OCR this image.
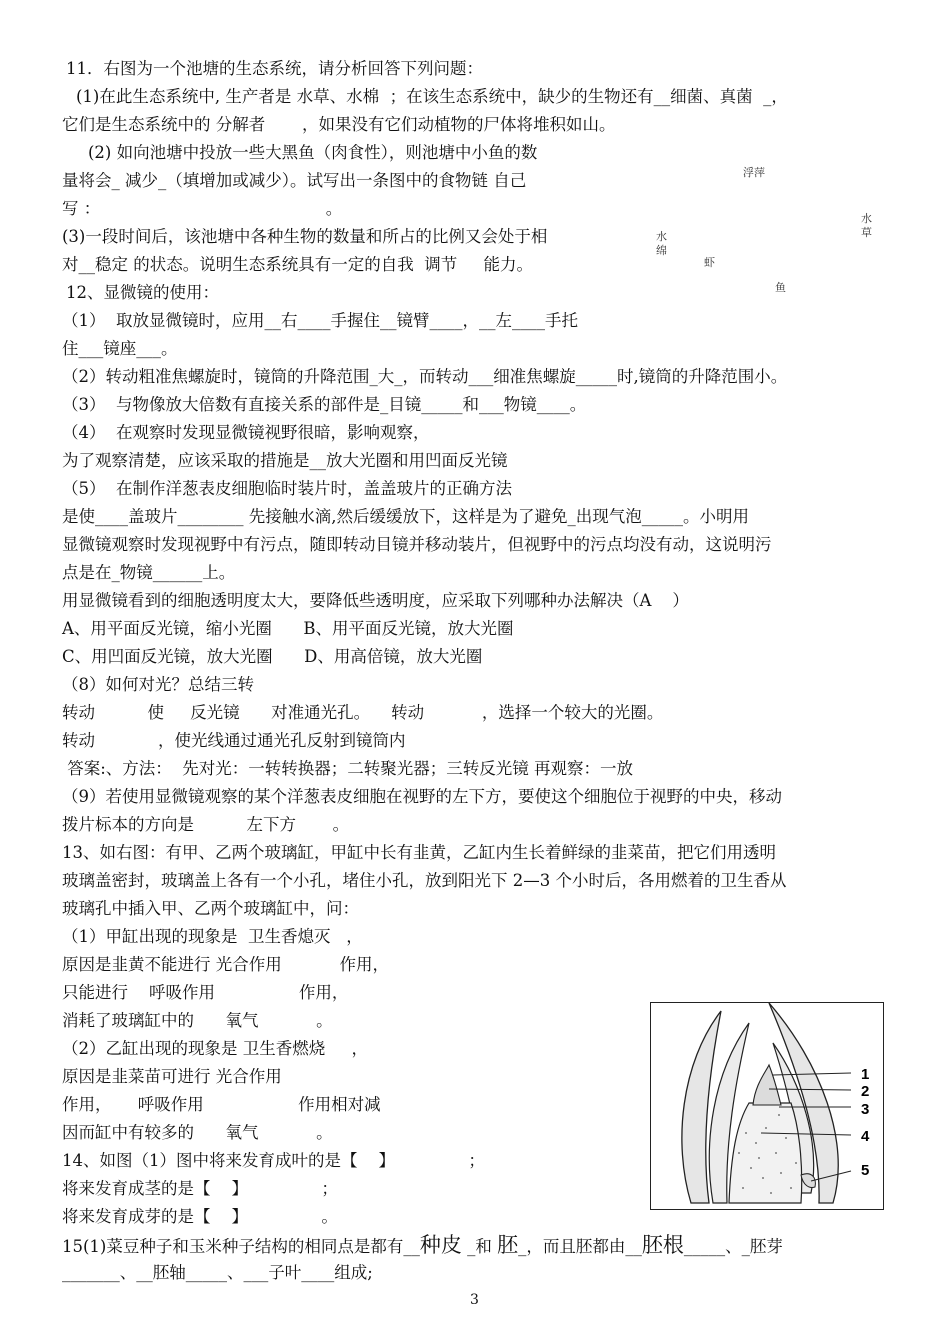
11．右图为一个池塘的生态系统，请分析回答下列问题：
(1)在此生态系统中, 生产者是 水草、水棉  ；在该生态系统中，缺少的生物还有__细菌、真菌  _，
它们是生态系统中的 分解者       ，如果没有它们动植物的尸体将堆积如山。
(2) 如向池塘中投放一些大黑鱼（肉食性），则池塘中小鱼的数
量将会_ 减少_（填增加或减少）。试写出一条图中的食物链 自己
写 ：                                           。
(3)一段时间后，该池塘中各种生物的数量和所占的比例又会处于相
对__稳定 的状态。说明生态系统具有一定的自我  调节     能力。
浮萍
水草
水绵
虾
鱼
12、显微镜的使用：
（1）  取放显微镜时，应用__右____手握住__镜臂____，__左____手托
住___镜座___。
（2）转动粗准焦螺旋时，镜筒的升降范围_大_，而转动___细准焦螺旋_____时,镜筒的升降范围小。
（3）  与物像放大倍数有直接关系的部件是_目镜_____和___物镜____。
（4）  在观察时发现显微镜视野很暗，影响观察，
为了观察清楚，应该采取的措施是__放大光圈和用凹面反光镜
（5）  在制作洋葱表皮细胞临时装片时，盖盖玻片的正确方法
是使____盖玻片________ 先接触水滴,然后缓缓放下，这样是为了避免_出现气泡_____。小明用
显微镜观察时发现视野中有污点，随即转动目镜并移动装片，但视野中的污点均没有动，这说明污
点是在_物镜______上。
用显微镜看到的细胞透明度太大，要降低些透明度，应采取下列哪种办法解决（A    ）
A、用平面反光镜，缩小光圈      B、用平面反光镜，放大光圈
C、用凹面反光镜，放大光圈      D、用高倍镜，放大光圈
（8）如何对光？总结三转
转动          使     反光镜      对准通光孔。    转动           ，选择一个较大的光圈。
转动            ，使光线通过通光孔反射到镜筒内
答案:、方法：  先对光：一转转换器；二转聚光器；三转反光镜 再观察：一放
（9）若使用显微镜观察的某个洋葱表皮细胞在视野的左下方，要使这个细胞位于视野的中央，移动
拨片标本的方向是          左下方       。
13、如右图：有甲、乙两个玻璃缸，甲缸中长有韭黄，乙缸内生长着鲜绿的韭菜苗，把它们用透明
玻璃盖密封，玻璃盖上各有一个小孔，堵住小孔，放到阳光下 2—3 个小时后，各用燃着的卫生香从
玻璃孔中插入甲、乙两个玻璃缸中，问：
（1）甲缸出现的现象是  卫生香熄灭   ，
原因是韭黄不能进行 光合作用           作用，
只能进行    呼吸作用                作用，
消耗了玻璃缸中的      氧气           。
（2）乙缸出现的现象是 卫生香燃烧     ，
原因是韭菜苗可进行 光合作用
作用，     呼吸作用                  作用相对减
因而缸中有较多的      氧气           。
14、如图（1）图中将来发育成叶的是【    】              ；
将来发育成茎的是【    】              ；
将来发育成芽的是【    】              。
15(1)菜豆种子和玉米种子结构的相同点是都有__种皮 _和 胚_，而且胚都由__胚根_____、_胚芽
_______、__胚轴_____、___子叶____组成;
1
2
3
4
5
3
